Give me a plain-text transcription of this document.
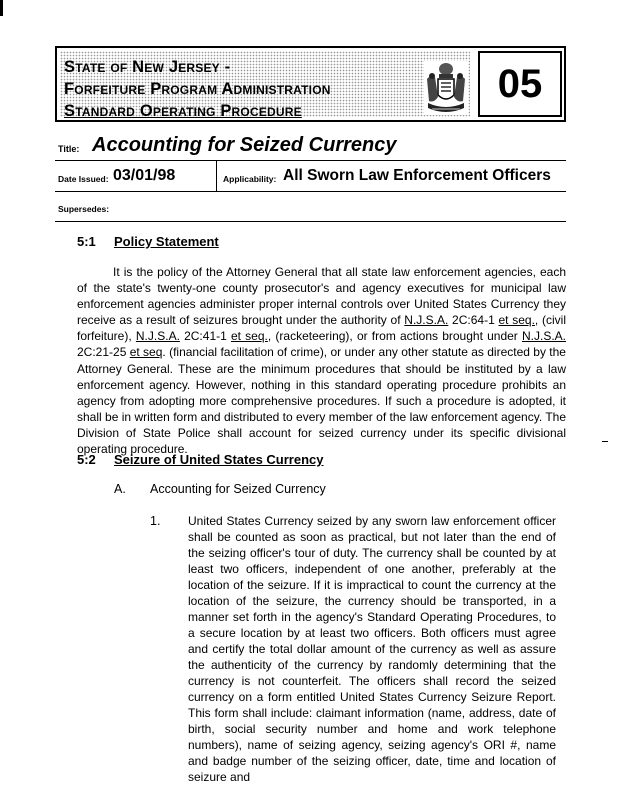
State of New Jersey -
Forfeiture Program Administration
Standard Operating Procedure
05
Title: Accounting for Seized Currency
Date Issued: 03/01/98	Applicability: All Sworn Law Enforcement Officers
Supersedes:
5:1 Policy Statement

It is the policy of the Attorney General that all state law enforcement agencies, each of the state's twenty-one county prosecutor's and agency executives for municipal law enforcement agencies administer proper internal controls over United States Currency they receive as a result of seizures brought under the authority of N.J.S.A. 2C:64-1 et seq., (civil forfeiture), N.J.S.A. 2C:41-1 et seq., (racketeering), or from actions brought under N.J.S.A. 2C:21-25 et seq. (financial facilitation of crime), or under any other statute as directed by the Attorney General. These are the minimum procedures that should be instituted by a law enforcement agency. However, nothing in this standard operating procedure prohibits an agency from adopting more comprehensive procedures. If such a procedure is adopted, it shall be in written form and distributed to every member of the law enforcement agency. The Division of State Police shall account for seized currency under its specific divisional operating procedure.

5:2 Seizure of United States Currency
A. Accounting for Seized Currency
1. United States Currency seized by any sworn law enforcement officer shall be counted as soon as practical, but not later than the end of the seizing officer's tour of duty. The currency shall be counted by at least two officers, independent of one another, preferably at the location of the seizure. If it is impractical to count the currency at the location of the seizure, the currency should be transported, in a manner set forth in the agency's Standard Operating Procedures, to a secure location by at least two officers. Both officers must agree and certify the total dollar amount of the currency as well as assure the authenticity of the currency by randomly determining that the currency is not counterfeit. The officers shall record the seized currency on a form entitled United States Currency Seizure Report. This form shall include: claimant information (name, address, date of birth, social security number and home and work telephone numbers), name of seizing agency, seizing agency's ORI #, name and badge number of the seizing officer, date, time and location of seizure and
